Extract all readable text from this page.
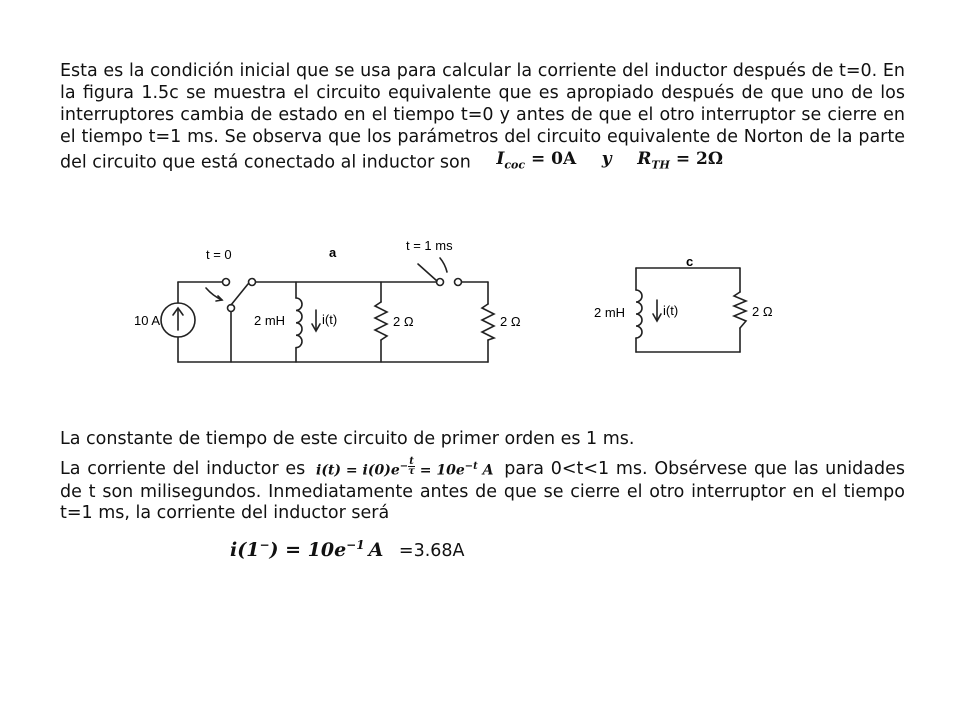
Esta es la condición inicial que se usa para calcular la corriente del inductor después de t=0. En la figura 1.5c se muestra el circuito equivalente que es apropiado después de que uno de los interruptores cambia de estado en el tiempo t=0 y antes de que el otro interruptor se cierre en el tiempo t=1 ms. Se observa que los parámetros del circuito equivalente de Norton de la parte del circuito que está conectado al inductor son $I_{coc} = 0A$ y $R_{TH} = 2\Omega$
t = 0	a	t = 1 ms
10 A	2 mH	i(t)	2 Ω	2 Ω
c
2 mH	i(t)	2 Ω
La constante de tiempo de este circuito de primer orden es 1 ms.
La corriente del inductor es $i(t) = i(0)e^{- \frac{t}{\tau}} = 10e^{-t}$ A para 0<t<1 ms. Obsérvese que las unidades de t son milisegundos. Inmediatamente antes de que se cierre el otro interruptor en el tiempo t=1 ms, la corriente del inductor será
$i(1^-) = 10e^{-1}$ A =3.68A
